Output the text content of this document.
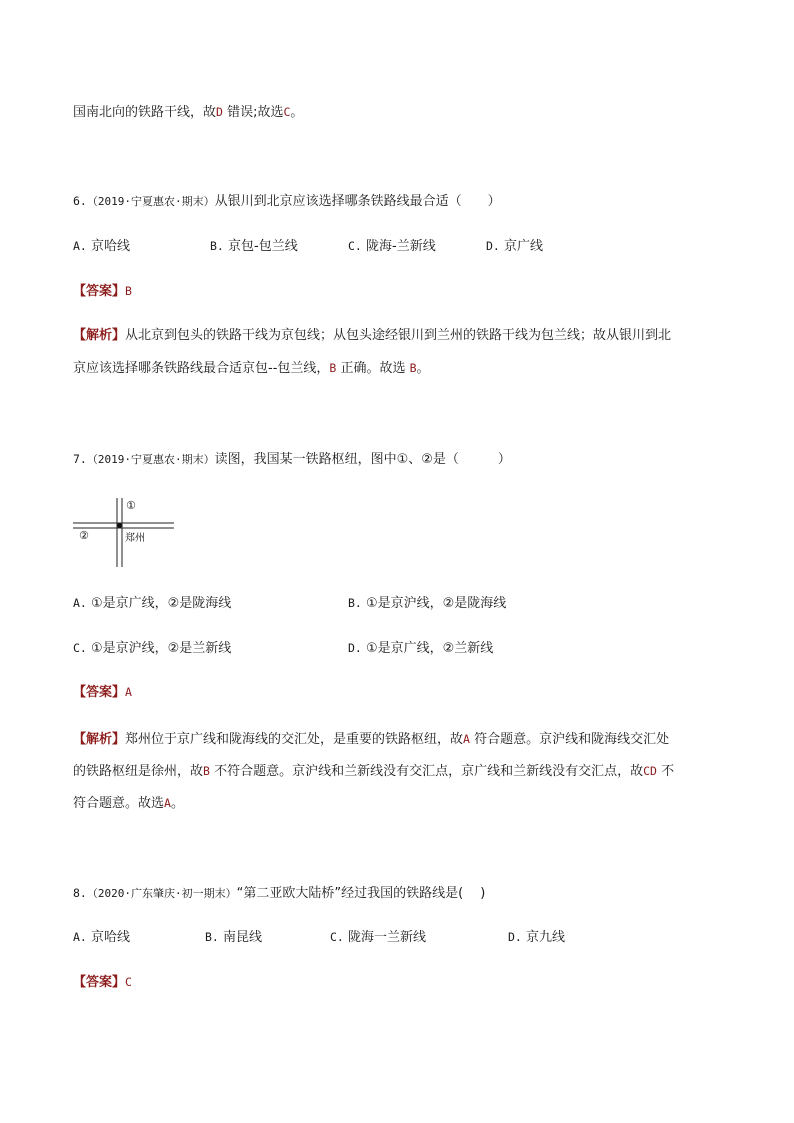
国南北向的铁路干线，故D 错误;故选C。
6.（2019·宁夏惠农·期末）从银川到北京应该选择哪条铁路线最合适（　　）
A. 京哈线	B. 京包-包兰线	C. 陇海-兰新线	D. 京广线
【答案】B
【解析】从北京到包头的铁路干线为京包线；从包头途经银川到兰州的铁路干线为包兰线；故从银川到北
京应该选择哪条铁路线最合适京包--包兰线，B 正确。故选 B。
7.（2019·宁夏惠农·期末）读图，我国某一铁路枢纽，图中①、②是（　　　）
①
②	郑州
A. ①是京广线，②是陇海线	B. ①是京沪线，②是陇海线
C. ①是京沪线，②是兰新线	D. ①是京广线，②兰新线
【答案】A
【解析】郑州位于京广线和陇海线的交汇处，是重要的铁路枢纽，故A 符合题意。京沪线和陇海线交汇处
的铁路枢纽是徐州，故B 不符合题意。京沪线和兰新线没有交汇点，京广线和兰新线没有交汇点，故CD 不
符合题意。故选A。
8.（2020·广东肇庆·初一期末）“第二亚欧大陆桥”经过我国的铁路线是(　 )
A. 京哈线	B. 南昆线	C. 陇海一兰新线	D. 京九线
【答案】C
